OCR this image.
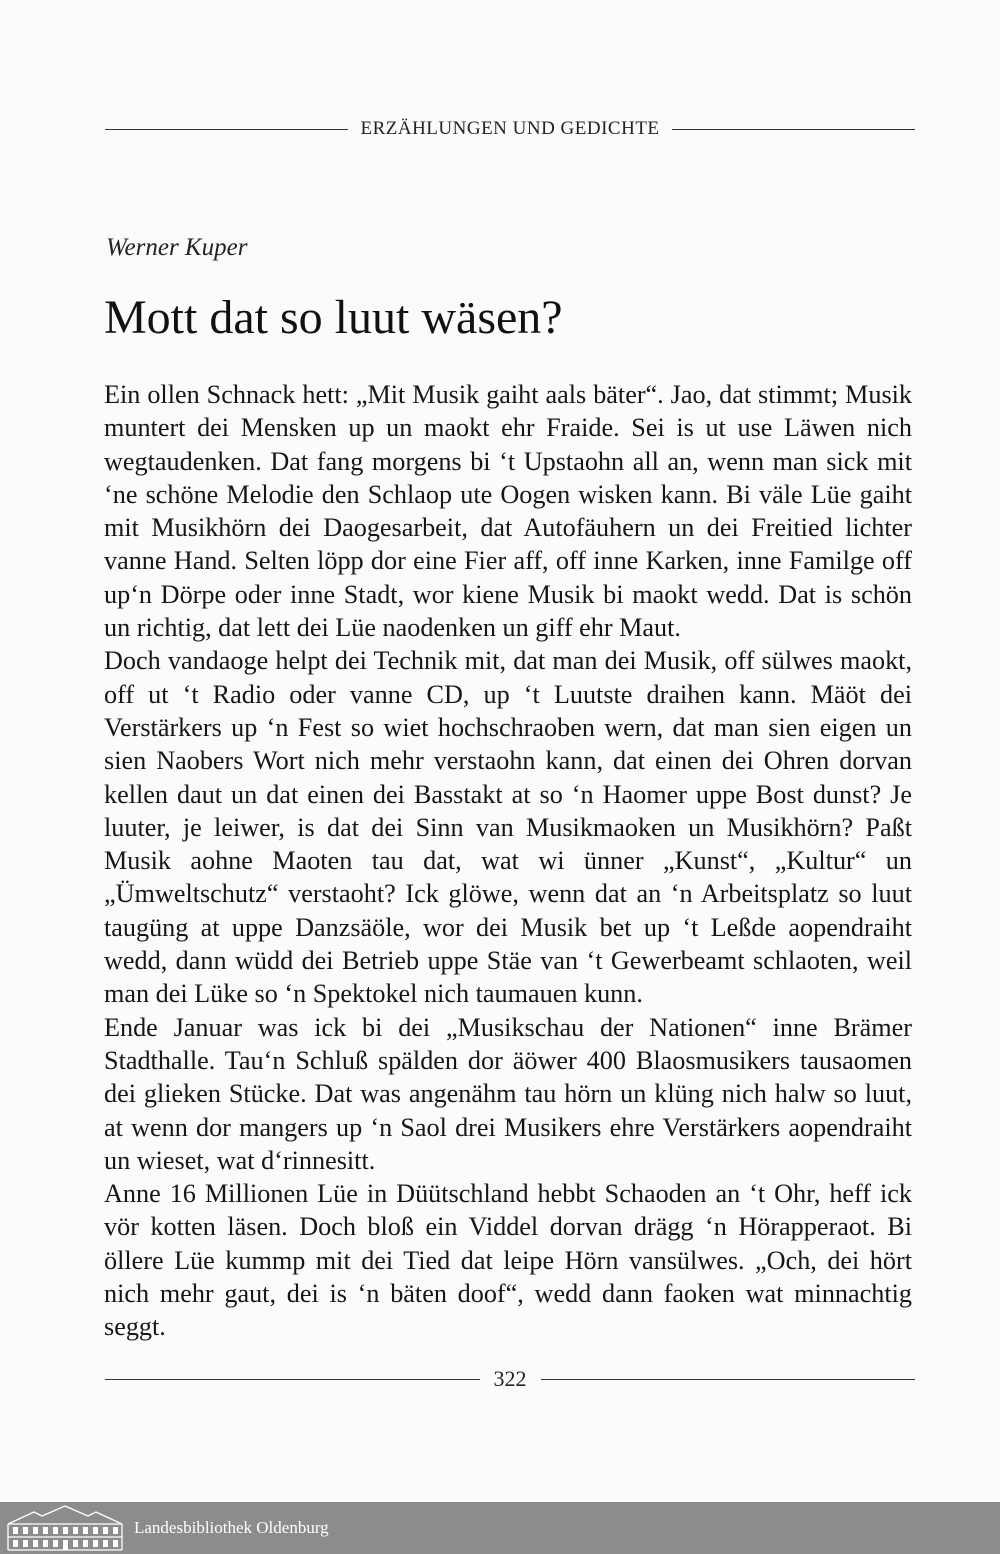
ERZÄHLUNGEN UND GEDICHTE
Werner Kuper
Mott dat so luut wäsen?

Ein ollen Schnack hett: „Mit Musik gaiht aals bäter“. Jao, dat stimmt; Musik muntert dei Mensken up un maokt ehr Fraide. Sei is ut use Läwen nich wegtaudenken. Dat fang morgens bi ‘t Upstaohn all an, wenn man sick mit ‘ne schöne Melodie den Schlaop ute Oogen wisken kann. Bi väle Lüe gaiht mit Musikhörn dei Daogesarbeit, dat Autofäuhern un dei Freitied lichter vanne Hand. Selten löpp dor eine Fier aff, off inne Karken, inne Familge off up‘n Dörpe oder inne Stadt, wor kiene Musik bi maokt wedd. Dat is schön un richtig, dat lett dei Lüe naodenken un giff ehr Maut.

Doch vandaoge helpt dei Technik mit, dat man dei Musik, off sülwes maokt, off ut ‘t Radio oder vanne CD, up ‘t Luutste draihen kann. Mäöt dei Verstärkers up ‘n Fest so wiet hochschraoben wern, dat man sien eigen un sien Naobers Wort nich mehr verstaohn kann, dat einen dei Ohren dorvan kellen daut un dat einen dei Basstakt at so ‘n Haomer uppe Bost dunst? Je luuter, je leiwer, is dat dei Sinn van Musikmaoken un Musikhörn? Paßt Musik aohne Maoten tau dat, wat wi ünner „Kunst“, „Kultur“ un „Ümweltschutz“ verstaoht? Ick glöwe, wenn dat an ‘n Arbeitsplatz so luut taugüng at uppe Danzsäöle, wor dei Musik bet up ‘t Leßde aopendraiht wedd, dann wüdd dei Betrieb uppe Stäe van ‘t Gewerbeamt schlaoten, weil man dei Lüke so ‘n Spektokel nich taumauen kunn.

Ende Januar was ick bi dei „Musikschau der Nationen“ inne Brämer Stadthalle. Tau‘n Schluß spälden dor äöwer 400 Blaosmusikers tausaomen dei glieken Stücke. Dat was angenähm tau hörn un klüng nich halw so luut, at wenn dor mangers up ‘n Saol drei Musikers ehre Verstärkers aopendraiht un wieset, wat d‘rinnesitt.

Anne 16 Millionen Lüe in Düütschland hebbt Schaoden an ‘t Ohr, heff ick vör kotten läsen. Doch bloß ein Viddel dorvan drägg ‘n Hörapperaot. Bi öllere Lüe kummp mit dei Tied dat leipe Hörn vansülwes. „Och, dei hört nich mehr gaut, dei is ‘n bäten doof“, wedd dann faoken wat minnachtig seggt.

322
Landesbibliothek Oldenburg
